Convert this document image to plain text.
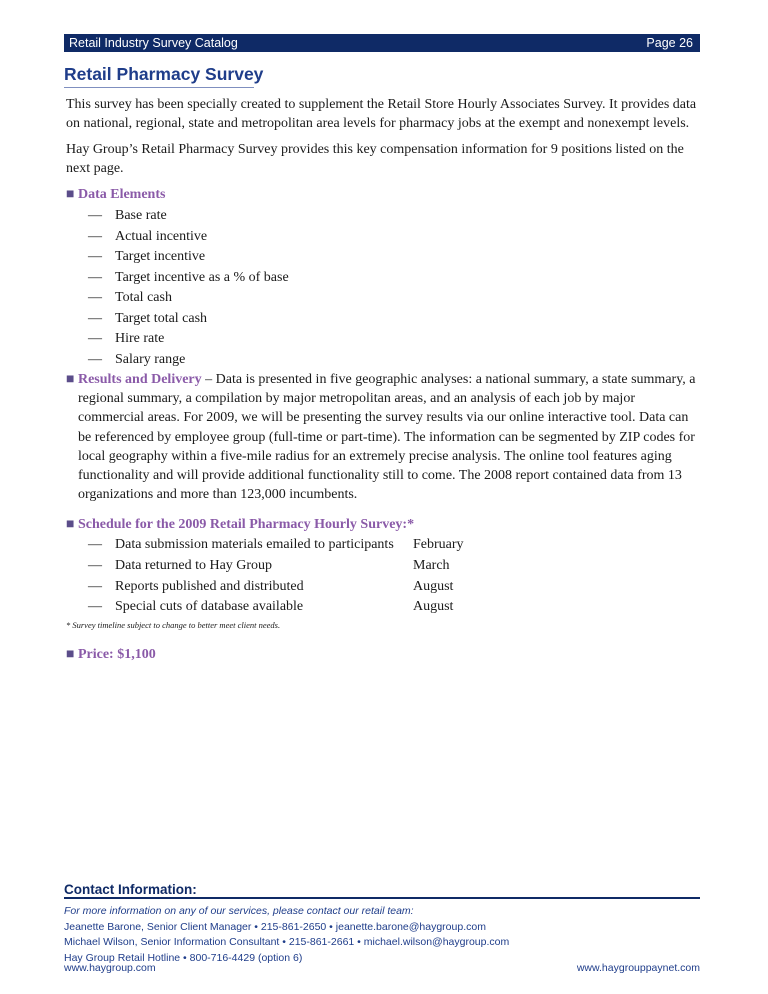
Retail Industry Survey Catalog	Page 26
Retail Pharmacy Survey

This survey has been specially created to supplement the Retail Store Hourly Associates Survey. It provides data on national, regional, state and metropolitan area levels for pharmacy jobs at the exempt and nonexempt levels.

Hay Group’s Retail Pharmacy Survey provides this key compensation information for 9 positions listed on the next page.

■ Data Elements
— Base rate
— Actual incentive
— Target incentive
— Target incentive as a % of base
— Total cash
— Target total cash
— Hire rate
— Salary range

■ Results and Delivery – Data is presented in five geographic analyses: a national summary, a state summary, a regional summary, a compilation by major metropolitan areas, and an analysis of each job by major commercial areas. For 2009, we will be presenting the survey results via our online interactive tool. Data can be referenced by employee group (full-time or part-time). The information can be segmented by ZIP codes for local geography within a five-mile radius for an extremely precise analysis. The online tool features aging functionality and will provide additional functionality still to come. The 2008 report contained data from 13 organizations and more than 123,000 incumbents.

■ Schedule for the 2009 Retail Pharmacy Hourly Survey:*
— Data submission materials emailed to participants	February
— Data returned to Hay Group	March
— Reports published and distributed	August
— Special cuts of database available	August
* Survey timeline subject to change to better meet client needs.
■ Price: $1,100
Contact Information:
For more information on any of our services, please contact our retail team:
Jeanette Barone, Senior Client Manager • 215-861-2650 • jeanette.barone@haygroup.com
Michael Wilson, Senior Information Consultant • 215-861-2661 • michael.wilson@haygroup.com
Hay Group Retail Hotline • 800-716-4429 (option 6)
www.haygroup.com	www.haygrouppaynet.com
